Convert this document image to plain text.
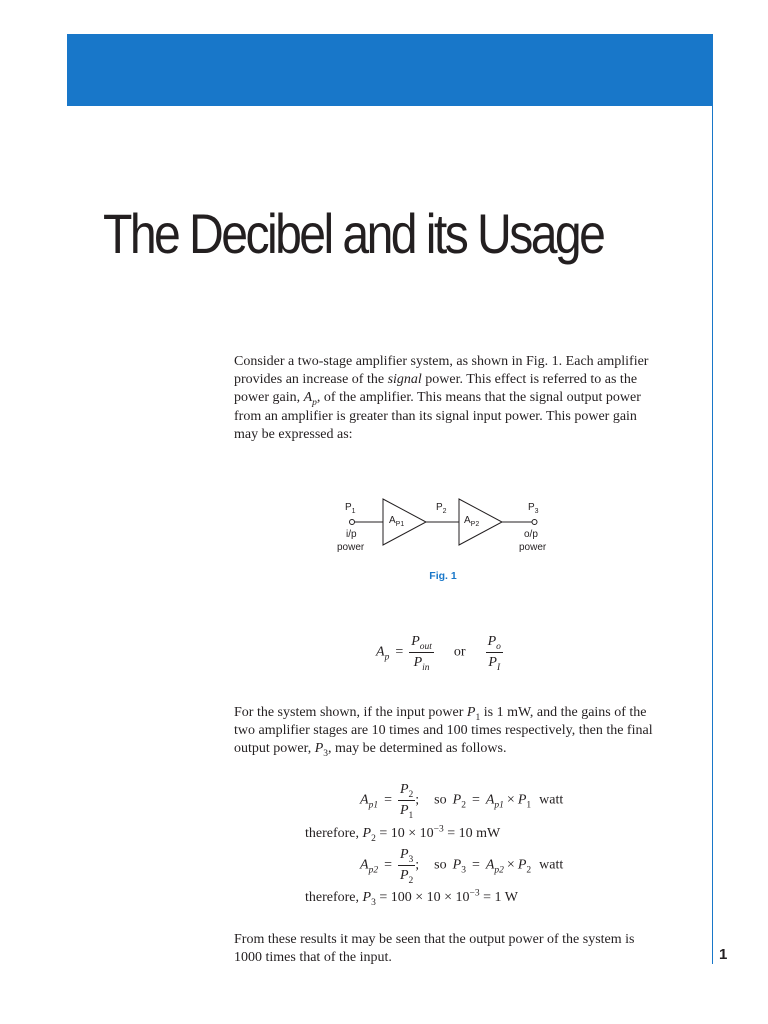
The Decibel and its Usage

Consider a two-stage amplifier system, as shown in Fig. 1. Each amplifier provides an increase of the signal power. This effect is referred to as the power gain, $A_p$, of the amplifier. This means that the signal output power from an amplifier is greater than its signal input power. This power gain may be expressed as:

$P_1$	$P_2$	$P_3$
$A_{P1}$	$A_{P2}$
i/p
power
o/p
power
Fig. 1
$A_p = \frac{P_{out}}{P_{in}}$ or $\frac{P_o}{P_I}$

For the system shown, if the input power $P_1$ is 1 mW, and the gains of the two amplifier stages are 10 times and 100 times respectively, then the final output power, $P_3$, may be determined as follows.

$A_{p1} = \frac{P_2}{P_1}$ ; so $P_2 = A_{p1} \times P_1$ watt
therefore, $P_2 = 10 \times 10^{-3} = 10$ mW
$A_{p2} = \frac{P_3}{P_2}$ ; so $P_3 = A_{p2} \times P_2$ watt
therefore, $P_3 = 100 \times 10 \times 10^{-3} = 1$ W

From these results it may be seen that the output power of the system is 1000 times that of the input.	1
